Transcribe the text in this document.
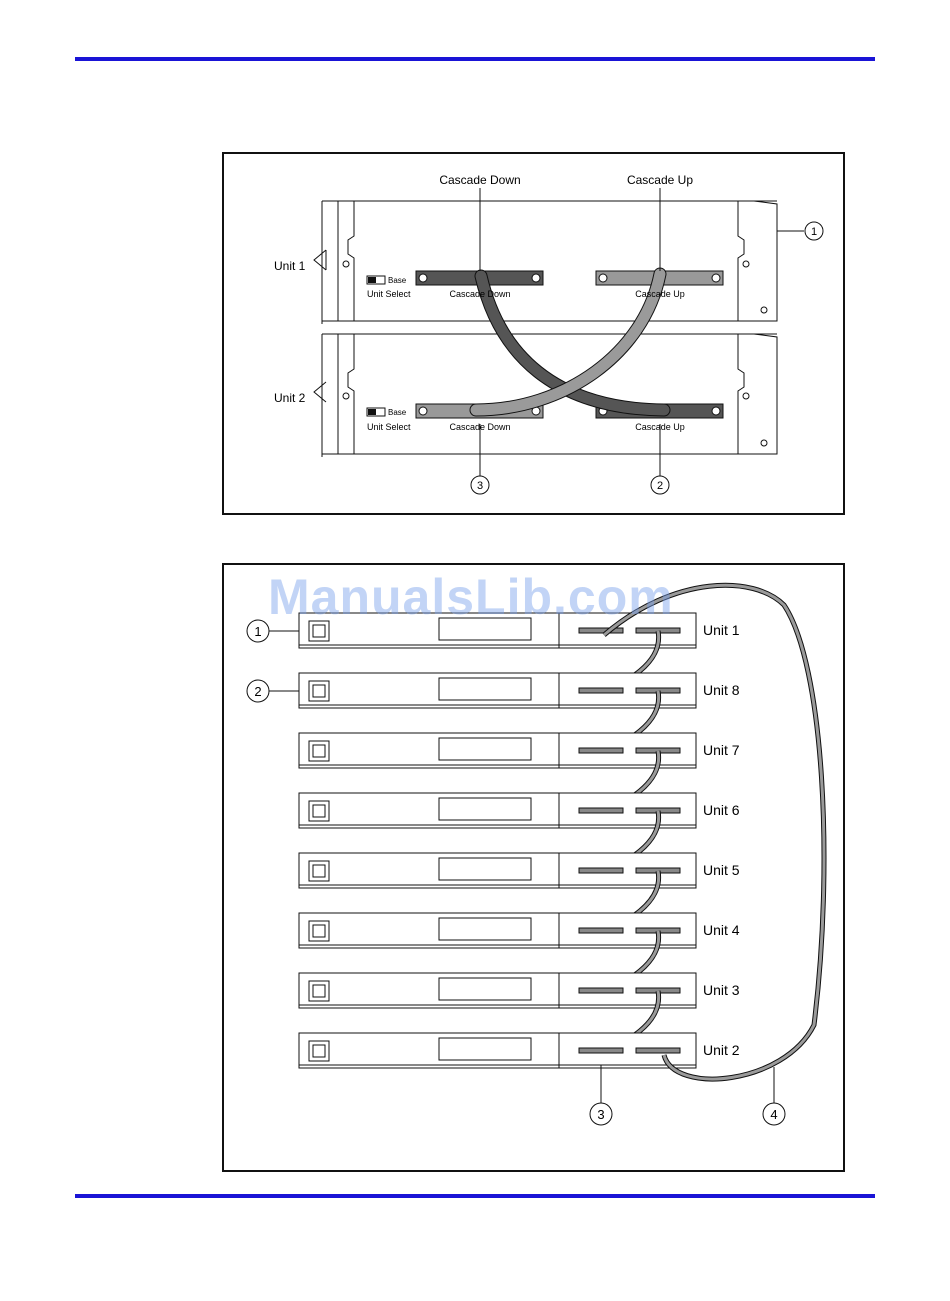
Cascade Down	Cascade Up
Unit 1
Unit 2
Base
Base
Unit Select
Unit Select
Cascade Down	Cascade Up
Cascade Down	Cascade Up
1
2
3
Unit 1
Unit 8
Unit 7
Unit 6
Unit 5
Unit 4
Unit 3
Unit 2
1
2
3	4
ManualsLib.com
